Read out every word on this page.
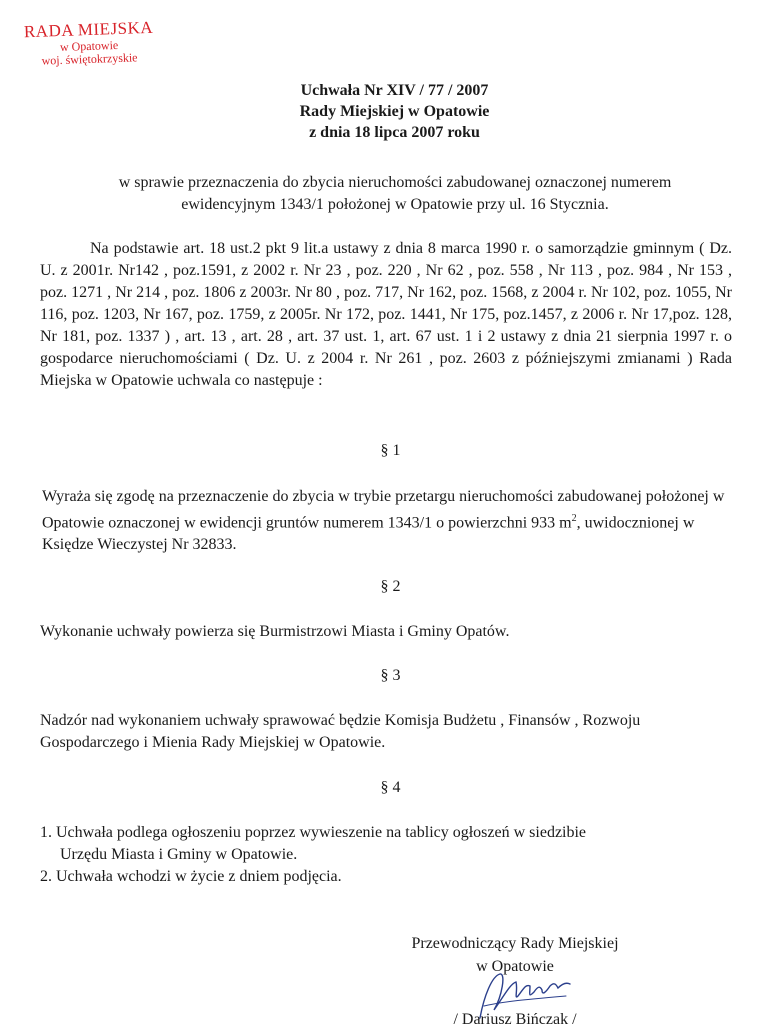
RADA MIEJSKA
w Opatowie
woj. świętokrzyskie
Uchwała Nr XIV / 77 / 2007
Rady Miejskiej w Opatowie
z dnia 18 lipca 2007 roku
w sprawie przeznaczenia do zbycia nieruchomości zabudowanej oznaczonej numerem
ewidencyjnym 1343/1 położonej w Opatowie przy ul. 16 Stycznia.
Na podstawie art. 18 ust.2 pkt 9 lit.a ustawy z dnia 8 marca 1990 r. o samorządzie gminnym ( Dz. U. z 2001r. Nr142 , poz.1591, z 2002 r. Nr 23 , poz. 220 , Nr 62 , poz. 558 , Nr 113 , poz. 984 , Nr 153 , poz. 1271 , Nr 214 , poz. 1806 z 2003r. Nr 80 , poz. 717, Nr 162, poz. 1568, z 2004 r. Nr 102, poz. 1055, Nr 116, poz. 1203, Nr 167, poz. 1759, z 2005r. Nr 172, poz. 1441, Nr 175, poz.1457, z 2006 r. Nr 17,poz. 128, Nr 181, poz. 1337 ) , art. 13 , art. 28 , art. 37 ust. 1, art. 67 ust. 1 i 2 ustawy z dnia 21 sierpnia 1997 r. o gospodarce nieruchomościami ( Dz. U. z 2004 r. Nr 261 , poz. 2603 z późniejszymi zmianami ) Rada Miejska w Opatowie uchwala co następuje :
§ 1
Wyraża się zgodę na przeznaczenie do zbycia w trybie przetargu nieruchomości zabudowanej położonej w Opatowie oznaczonej w ewidencji gruntów numerem 1343/1 o powierzchni 933 $m^2$, uwidocznionej w Księdze Wieczystej Nr 32833.
§ 2
Wykonanie uchwały powierza się Burmistrzowi Miasta i Gminy Opatów.
§ 3
Nadzór nad wykonaniem uchwały sprawować będzie Komisja Budżetu , Finansów , Rozwoju Gospodarczego i Mienia Rady Miejskiej w Opatowie.
§ 4
1. Uchwała podlega ogłoszeniu poprzez wywieszenie na tablicy ogłoszeń w siedzibie
Urzędu Miasta i Gminy w Opatowie.
2. Uchwała wchodzi w życie z dniem podjęcia.
Przewodniczący Rady Miejskiej
w Opatowie
/ Dariusz Bińczak /
